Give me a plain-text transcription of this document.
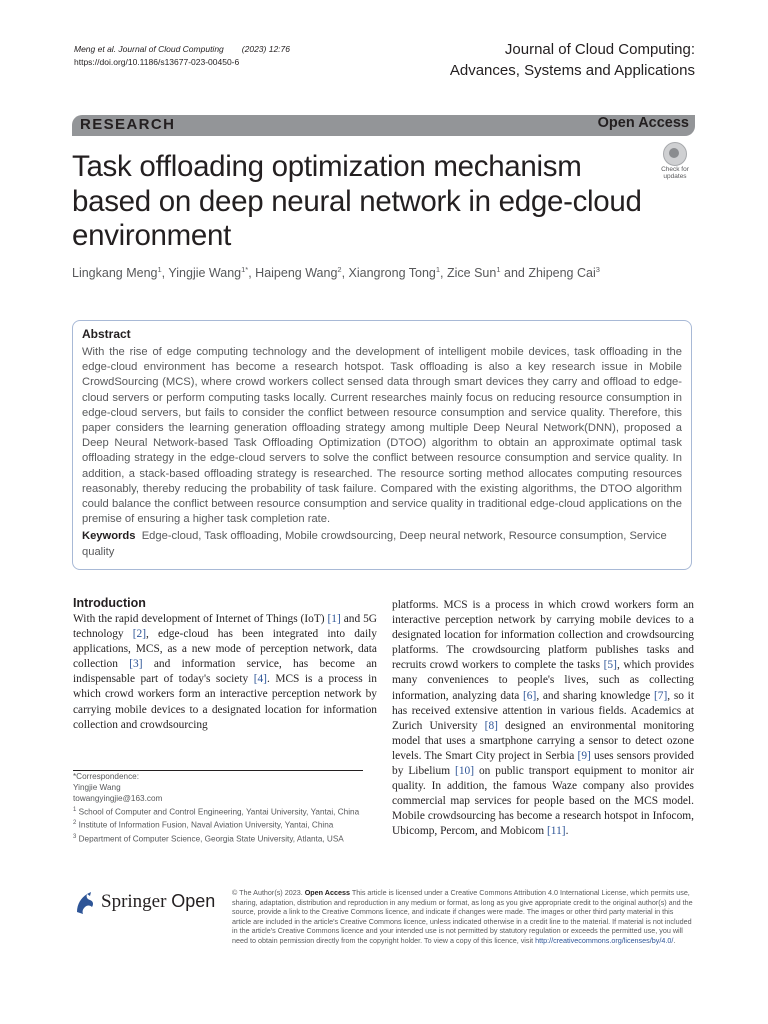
Meng et al. Journal of Cloud Computing (2023) 12:76
https://doi.org/10.1186/s13677-023-00450-6
Journal of Cloud Computing:
Advances, Systems and Applications
RESEARCH	Open Access
Task offloading optimization mechanism based on deep neural network in edge-cloud environment
Check for
updates
Lingkang Meng$^1$, Yingjie Wang$^{1*}$, Haipeng Wang$^2$, Xiangrong Tong$^1$, Zice Sun$^1$ and Zhipeng Cai$^3$
Abstract

With the rise of edge computing technology and the development of intelligent mobile devices, task offloading in the edge-cloud environment has become a research hotspot. Task offloading is also a key research issue in Mobile CrowdSourcing (MCS), where crowd workers collect sensed data through smart devices they carry and offload to edge-cloud servers or perform computing tasks locally. Current researches mainly focus on reducing resource consumption in edge-cloud servers, but fails to consider the conflict between resource consumption and service quality. Therefore, this paper considers the learning generation offloading strategy among multiple Deep Neural Network(DNN), proposed a Deep Neural Network-based Task Offloading Optimization (DTOO) algorithm to obtain an approximate optimal task offloading strategy in the edge-cloud servers to solve the conflict between resource consumption and service quality. In addition, a stack-based offloading strategy is researched. The resource sorting method allocates computing resources reasonably, thereby reducing the probability of task failure. Compared with the existing algorithms, the DTOO algorithm could balance the conflict between resource consumption and service quality in traditional edge-cloud applications on the premise of ensuring a higher task completion rate.

Keywords Edge-cloud, Task offloading, Mobile crowdsourcing, Deep neural network, Resource consumption, Service quality
Introduction
With the rapid development of Internet of Things (IoT) [1] and 5G technology [2], edge-cloud has been integrated into daily applications, MCS, as a new mode of perception network, data collection [3] and information service, has become an indispensable part of today's society [4]. MCS is a process in which crowd workers form an interactive perception network by carrying mobile devices to a designated location for information collection and crowdsourcing
platforms. MCS is a process in which crowd workers form an interactive perception network by carrying mobile devices to a designated location for information collection and crowdsourcing platforms. The crowdsourcing platform publishes tasks and recruits crowd workers to complete the tasks [5], which provides many conveniences to people's lives, such as collecting information, analyzing data [6], and sharing knowledge [7], so it has received extensive attention in various fields. Academics at Zurich University [8] designed an environmental monitoring model that uses a smartphone carrying a sensor to detect ozone levels. The Smart City project in Serbia [9] uses sensors provided by Libelium [10] on public transport equipment to monitor air quality. In addition, the famous Waze company also provides commercial map services for people based on the MCS model. Mobile crowdsourcing has become a research hotspot in Infocom, Ubicomp, Percom, and Mobicom [11].

*Correspondence:

Yingjie Wang

towangyingjie@163.com

$^1$ School of Computer and Control Engineering, Yantai University, Yantai, China

$^2$ Institute of Information Fusion, Naval Aviation University, Yantai, China

$^3$ Department of Computer Science, Georgia State University, Atlanta, USA

Springer Open © The Author(s) 2023. Open Access This article is licensed under a Creative Commons Attribution 4.0 International License, which permits use, sharing, adaptation, distribution and reproduction in any medium or format, as long as you give appropriate credit to the original author(s) and the source, provide a link to the Creative Commons licence, and indicate if changes were made. The images or other third party material in this article are included in the article's Creative Commons licence, unless indicated otherwise in a credit line to the material. If material is not included in the article's Creative Commons licence and your intended use is not permitted by statutory regulation or exceeds the permitted use, you will need to obtain permission directly from the copyright holder. To view a copy of this licence, visit http://creativecommons.org/licenses/by/4.0/.
